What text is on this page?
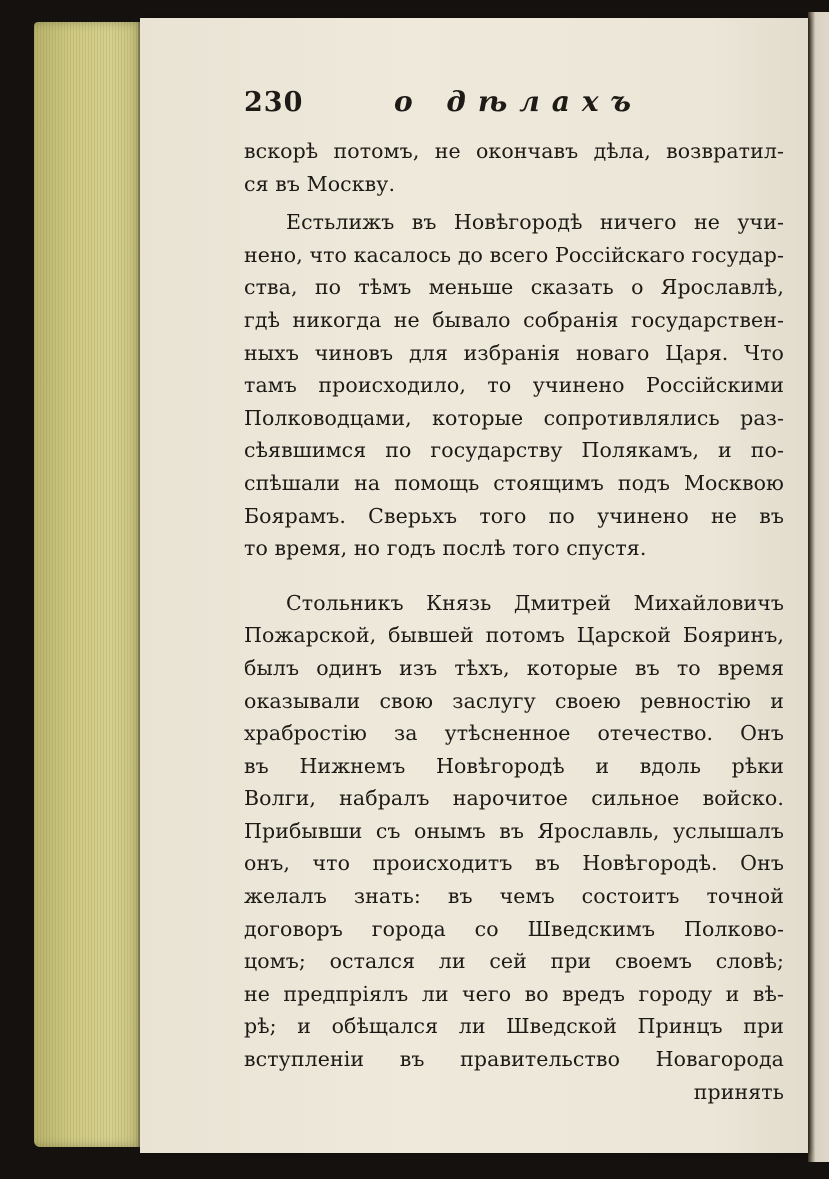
230	о дѣлахъ
вскорѣ потомъ, не окончавъ дѣла, возвратил-
ся въ Москву.
Естьлижъ въ Новѣгородѣ ничего не учи-
нено, что касалось до всего Россійскаго государ-
ства, по тѣмъ меньше сказать о Ярославлѣ,
гдѣ никогда не бывало собранія государствен-
ныхъ чиновъ для избранія новаго Царя. Что
тамъ происходило, то учинено Россійскими
Полководцами, которые сопротивлялись раз-
сѣявшимся по государству Полякамъ, и по-
спѣшали на помощь стоящимъ подъ Москвою
Боярамъ. Сверьхъ того по учинено не въ
то время, но годъ послѣ того спустя.
Стольникъ Князь Дмитрей Михайловичъ
Пожарской, бывшей потомъ Царской Бояринъ,
былъ одинъ изъ тѣхъ, которые въ то время
оказывали свою заслугу своею ревностію и
храбростію за утѣсненное отечество. Онъ
въ Нижнемъ Новѣгородѣ и вдоль рѣки
Волги, набралъ нарочитое сильное войско.
Прибывши съ онымъ въ Ярославль, услышалъ
онъ, что происходитъ въ Новѣгородѣ. Онъ
желалъ знать: въ чемъ состоитъ точной
договоръ города со Шведскимъ Полково-
цомъ; остался ли сей при своемъ словѣ;
не предпріялъ ли чего во вредъ городу и вѣ-
рѣ; и обѣщался ли Шведской Принцъ при
вступленіи въ правительство Новагорода
принять
